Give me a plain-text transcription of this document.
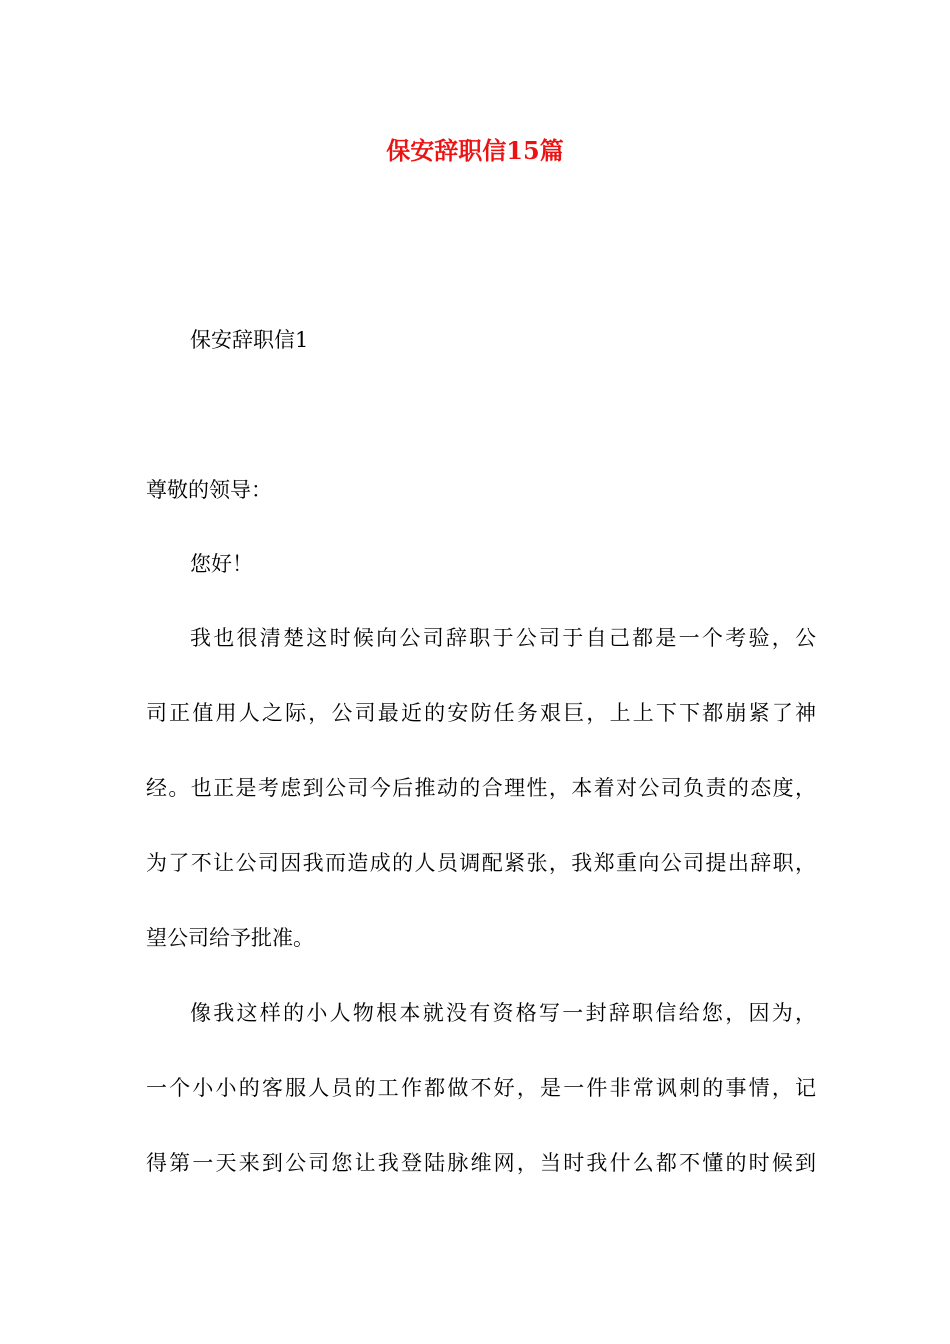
保安辞职信15篇
保安辞职信1
尊敬的领导：
您好！
我也很清楚这时候向公司辞职于公司于自己都是一个考验，公
司正值用人之际，公司最近的安防任务艰巨，上上下下都崩紧了神
经。也正是考虑到公司今后推动的合理性，本着对公司负责的态度，
为了不让公司因我而造成的人员调配紧张，我郑重向公司提出辞职，
望公司给予批准。
像我这样的小人物根本就没有资格写一封辞职信给您，因为，
一个小小的客服人员的工作都做不好，是一件非常讽刺的事情，记
得第一天来到公司您让我登陆脉维网，当时我什么都不懂的时候到
